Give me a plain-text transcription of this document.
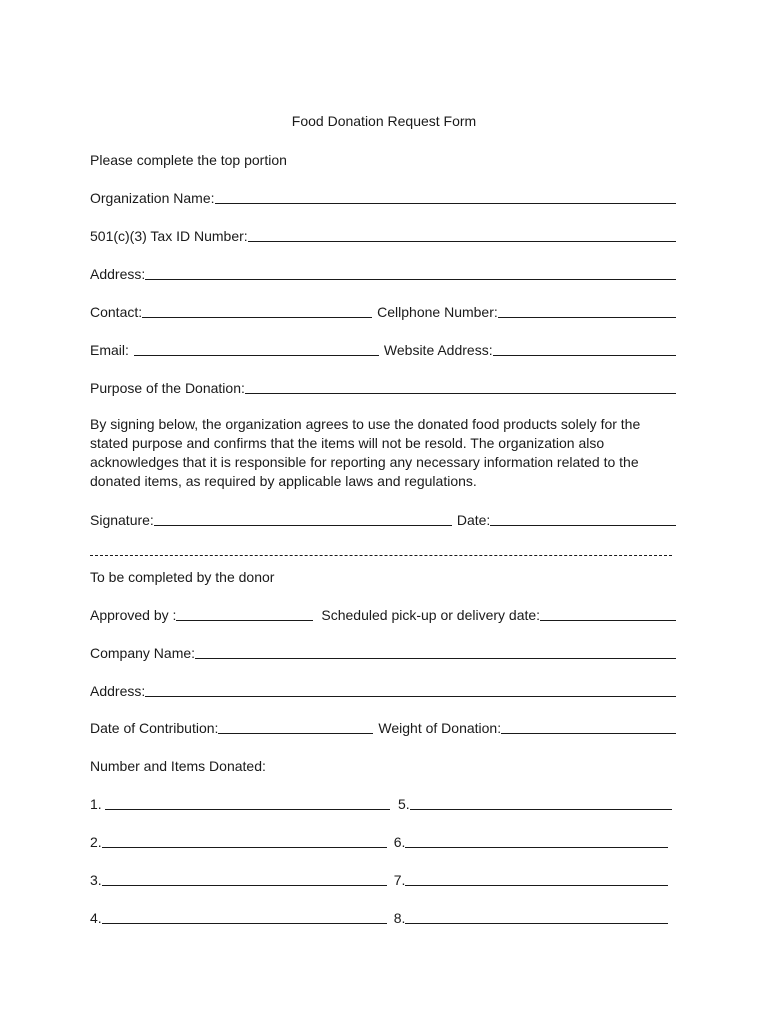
Food Donation Request Form
Please complete the top portion
Organization Name:
501(c)(3) Tax ID Number:
Address:
Contact:	Cellphone Number:
Email:	Website Address:
Purpose of the Donation:
By signing below, the organization agrees to use the donated food products solely for the stated purpose and confirms that the items will not be resold. The organization also acknowledges that it is responsible for reporting any necessary information related to the donated items, as required by applicable laws and regulations.
Signature:	Date:
To be completed by the donor
Approved by :	Scheduled pick-up or delivery date:
Company Name:
Address:
Date of Contribution:	Weight of Donation:
Number and Items Donated:
1.	5.
2.	6.
3.	7.
4.	8.
